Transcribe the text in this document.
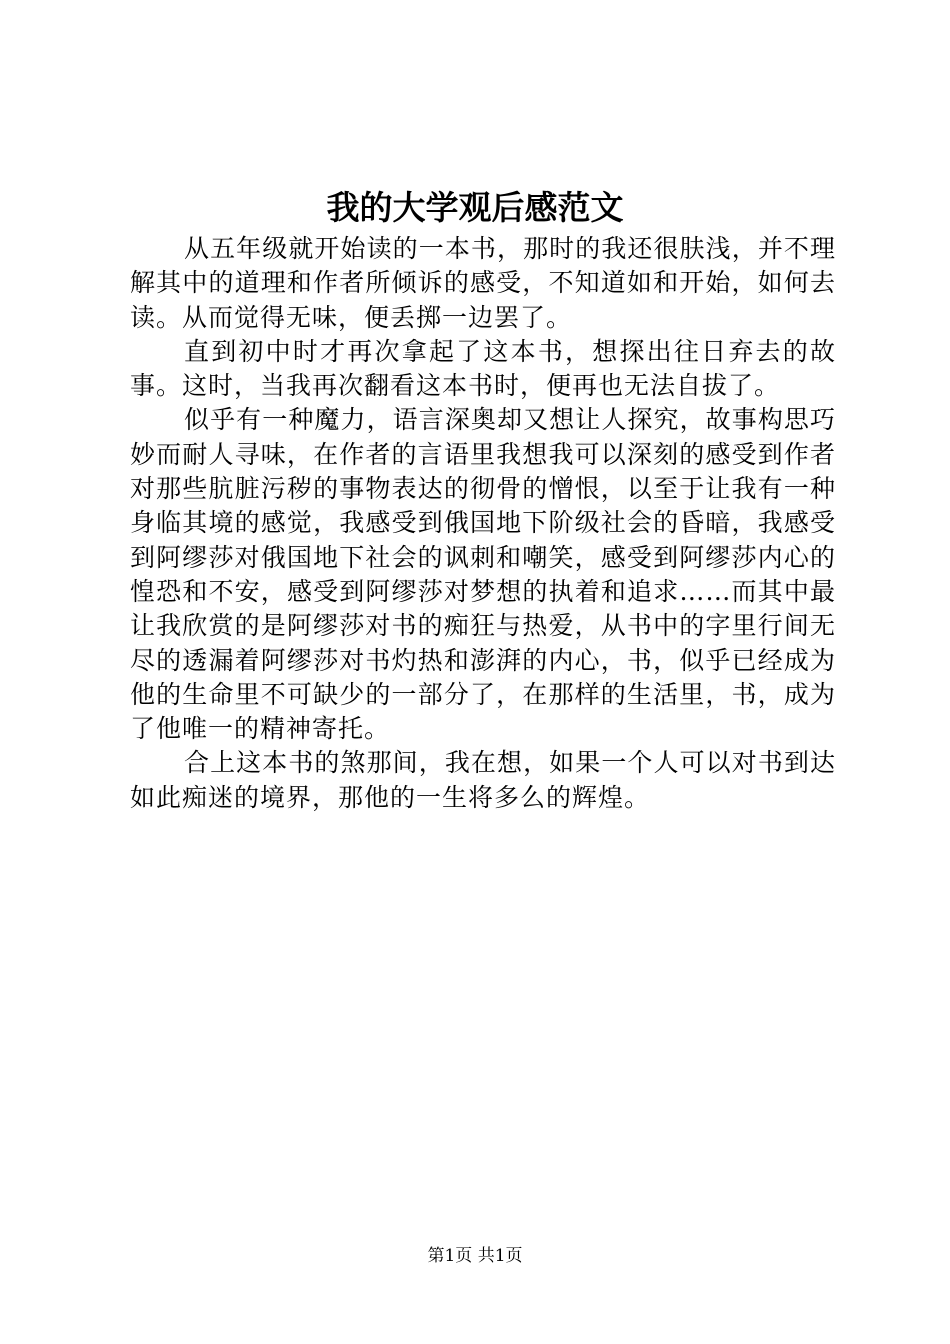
我的大学观后感范文

从五年级就开始读的一本书，那时的我还很肤浅，并不理解其中的道理和作者所倾诉的感受，不知道如和开始，如何去读。从而觉得无味，便丢掷一边罢了。

直到初中时才再次拿起了这本书，想探出往日弃去的故事。这时，当我再次翻看这本书时，便再也无法自拔了。

似乎有一种魔力，语言深奥却又想让人探究，故事构思巧妙而耐人寻味，在作者的言语里我想我可以深刻的感受到作者对那些肮脏污秽的事物表达的彻骨的憎恨，以至于让我有一种身临其境的感觉，我感受到俄国地下阶级社会的昏暗，我感受到阿缪莎对俄国地下社会的讽刺和嘲笑，感受到阿缪莎内心的惶恐和不安，感受到阿缪莎对梦想的执着和追求……而其中最让我欣赏的是阿缪莎对书的痴狂与热爱，从书中的字里行间无尽的透漏着阿缪莎对书灼热和澎湃的内心，书，似乎已经成为他的生命里不可缺少的一部分了，在那样的生活里，书，成为了他唯一的精神寄托。

合上这本书的煞那间，我在想，如果一个人可以对书到达如此痴迷的境界，那他的一生将多么的辉煌。

第1页 共1页
